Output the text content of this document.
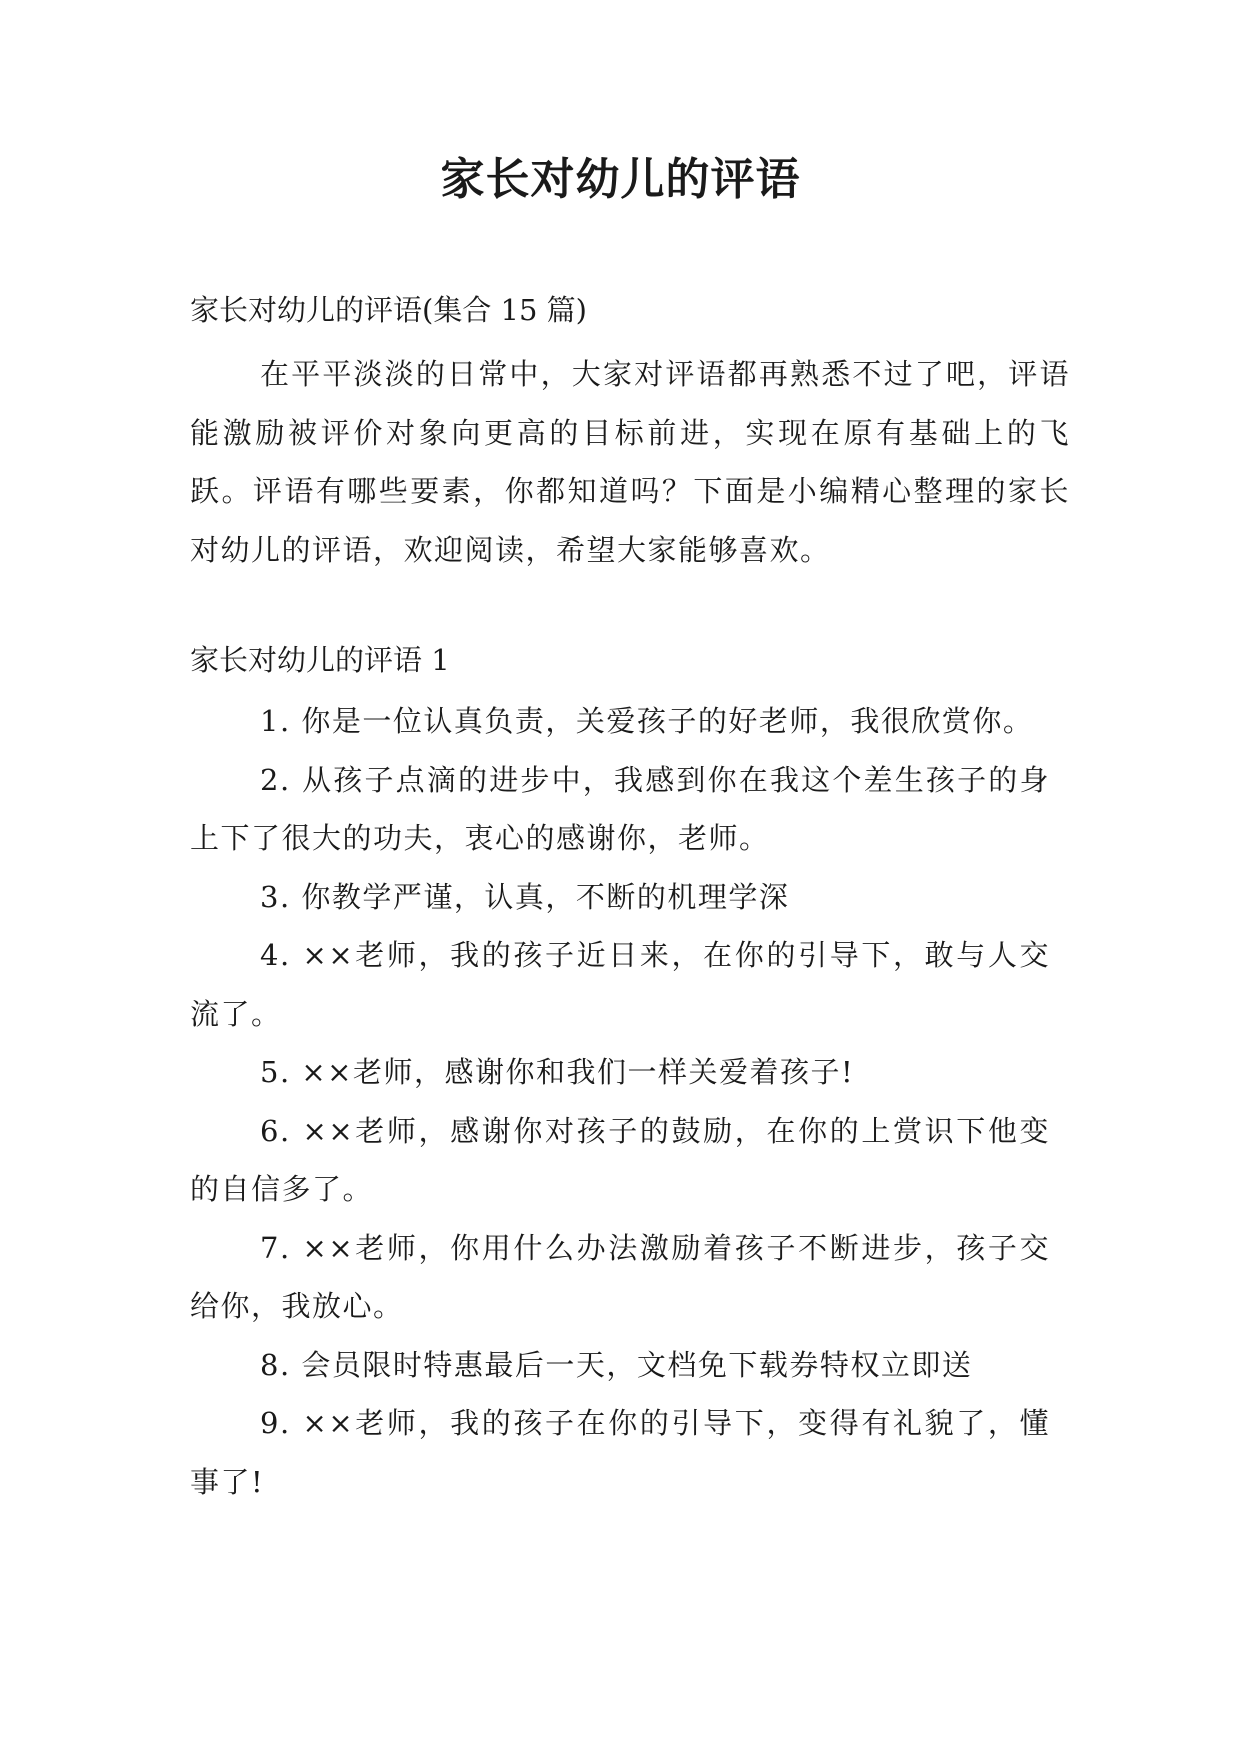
家长对幼儿的评语

家长对幼儿的评语(集合 15 篇)

在平平淡淡的日常中，大家对评语都再熟悉不过了吧，评语能激励被评价对象向更高的目标前进，实现在原有基础上的飞跃。评语有哪些要素，你都知道吗？下面是小编精心整理的家长对幼儿的评语，欢迎阅读，希望大家能够喜欢。

家长对幼儿的评语 1

1. 你是一位认真负责，关爱孩子的好老师，我很欣赏你。
2. 从孩子点滴的进步中，我感到你在我这个差生孩子的身上下了很大的功夫，衷心的感谢你，老师。
3. 你教学严谨，认真，不断的机理学深
4. ××老师，我的孩子近日来，在你的引导下，敢与人交流了。
5. ××老师，感谢你和我们一样关爱着孩子!
6. ××老师，感谢你对孩子的鼓励，在你的上赏识下他变的自信多了。
7. ××老师，你用什么办法激励着孩子不断进步，孩子交给你，我放心。
8. 会员限时特惠最后一天，文档免下载券特权立即送
9. ××老师，我的孩子在你的引导下，变得有礼貌了，懂事了!
